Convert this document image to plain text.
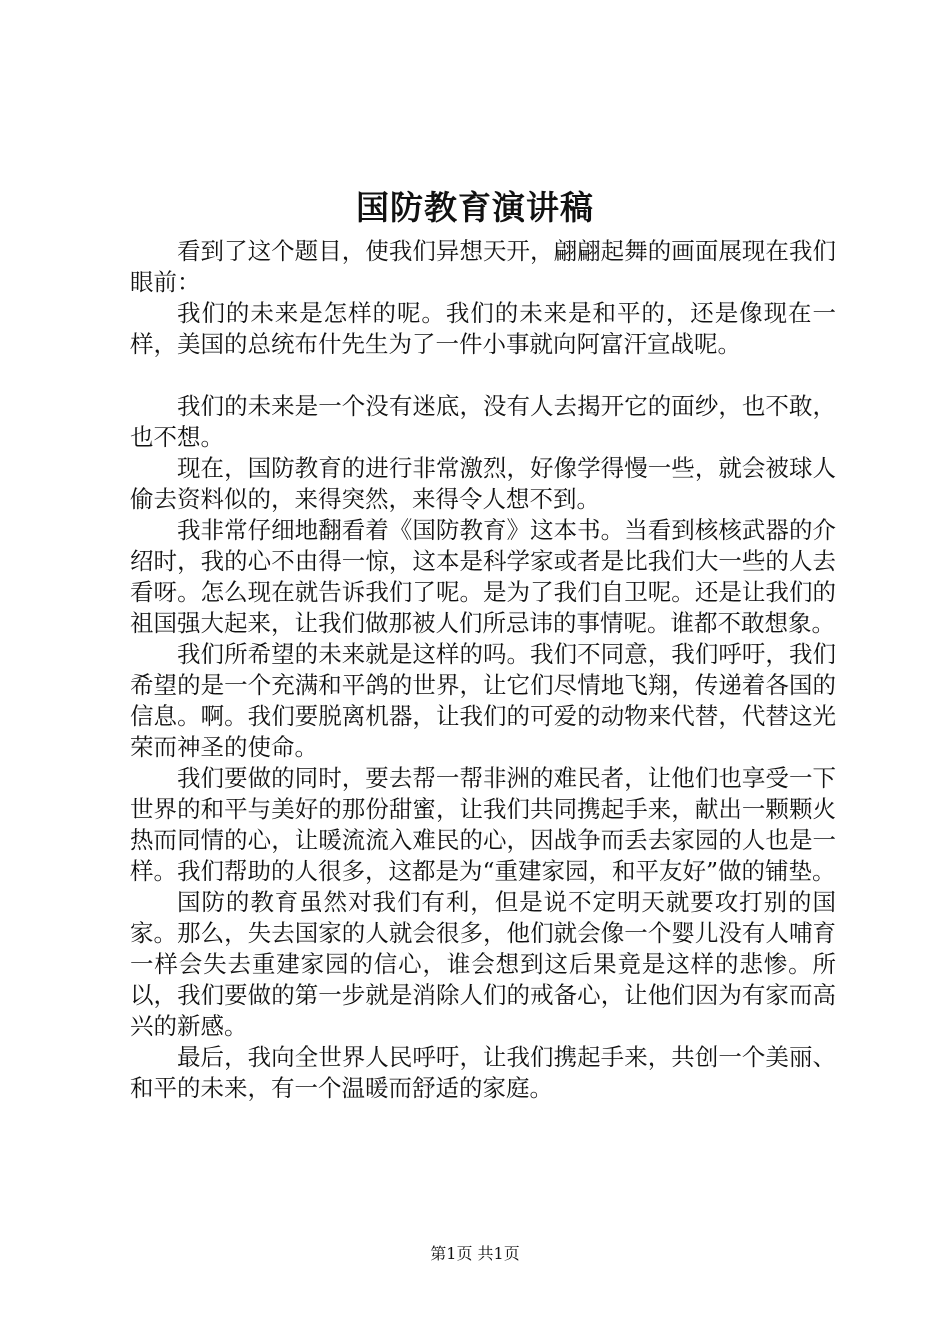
国防教育演讲稿

看到了这个题目，使我们异想天开，翩翩起舞的画面展现在我们眼前：

我们的未来是怎样的呢。我们的未来是和平的，还是像现在一样，美国的总统布什先生为了一件小事就向阿富汗宣战呢。

我们的未来是一个没有迷底，没有人去揭开它的面纱，也不敢，也不想。

现在，国防教育的进行非常激烈，好像学得慢一些，就会被球人偷去资料似的，来得突然，来得令人想不到。

我非常仔细地翻看着《国防教育》这本书。当看到核核武器的介绍时，我的心不由得一惊，这本是科学家或者是比我们大一些的人去看呀。怎么现在就告诉我们了呢。是为了我们自卫呢。还是让我们的祖国强大起来，让我们做那被人们所忌讳的事情呢。谁都不敢想象。

我们所希望的未来就是这样的吗。我们不同意，我们呼吁，我们希望的是一个充满和平鸽的世界，让它们尽情地飞翔，传递着各国的信息。啊。我们要脱离机器，让我们的可爱的动物来代替，代替这光荣而神圣的使命。

我们要做的同时，要去帮一帮非洲的难民者，让他们也享受一下世界的和平与美好的那份甜蜜，让我们共同携起手来，献出一颗颗火热而同情的心，让暖流流入难民的心，因战争而丢去家园的人也是一样。我们帮助的人很多，这都是为“重建家园，和平友好”做的铺垫。

国防的教育虽然对我们有利，但是说不定明天就要攻打别的国家。那么，失去国家的人就会很多，他们就会像一个婴儿没有人哺育一样会失去重建家园的信心，谁会想到这后果竟是这样的悲惨。所以，我们要做的第一步就是消除人们的戒备心，让他们因为有家而高兴的新感。

最后，我向全世界人民呼吁，让我们携起手来，共创一个美丽、和平的未来，有一个温暖而舒适的家庭。

第1页 共1页
